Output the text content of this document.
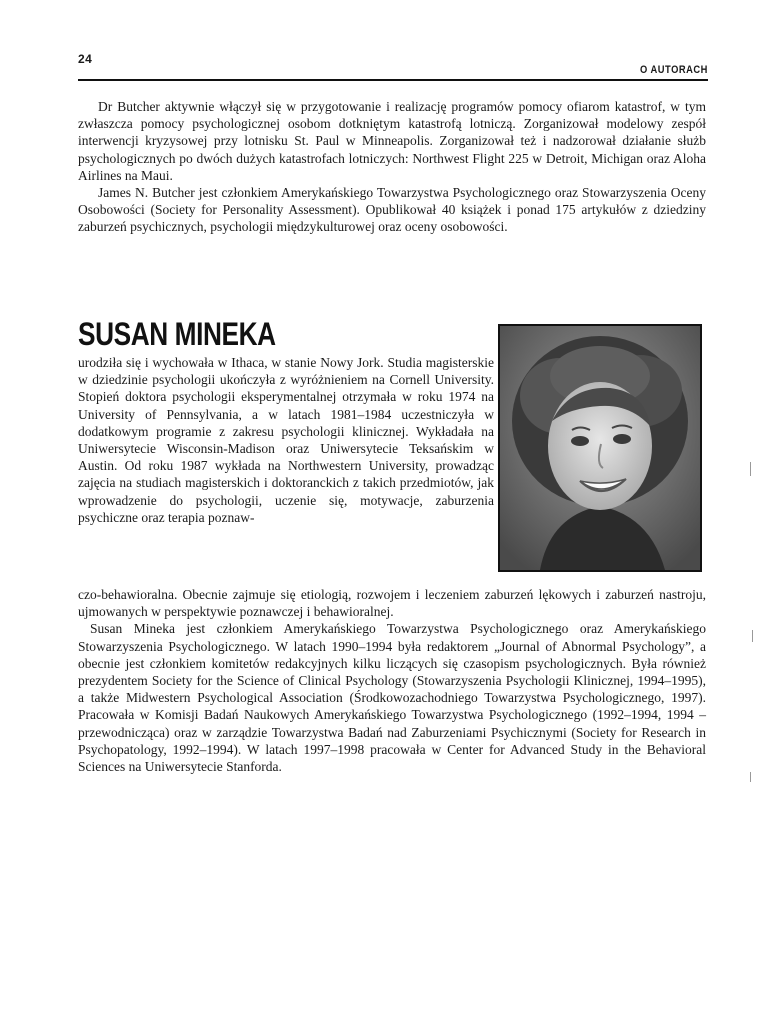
24
O AUTORACH

Dr Butcher aktywnie włączył się w przygotowanie i realizację programów pomocy ofiarom katastrof, w tym zwłaszcza pomocy psychologicznej osobom dotkniętym katastrofą lotniczą. Zorganizował modelowy zespół interwencji kryzysowej przy lotnisku St. Paul w Minneapolis. Zorganizował też i nadzorował działanie służb psychologicznych po dwóch dużych katastrofach lotniczych: Northwest Flight 225 w Detroit, Michigan oraz Aloha Airlines na Maui.

James N. Butcher jest członkiem Amerykańskiego Towarzystwa Psychologicznego oraz Stowarzyszenia Oceny Osobowości (Society for Personality Assessment). Opublikował 40 książek i ponad 175 artykułów z dziedziny zaburzeń psychicznych, psychologii międzykulturowej oraz oceny osobowości.

SUSAN MINEKA

urodziła się i wychowała w Ithaca, w stanie Nowy Jork. Studia magisterskie w dziedzinie psychologii ukończyła z wyróżnieniem na Cornell University. Stopień doktora psychologii eksperymentalnej otrzymała w roku 1974 na University of Pennsylvania, a w latach 1981–1984 uczestniczyła w dodatkowym programie z zakresu psychologii klinicznej. Wykładała na Uniwersytecie Wisconsin-Madison oraz Uniwersytecie Teksańskim w Austin. Od roku 1987 wykłada na Northwestern University, prowadząc zajęcia na studiach magisterskich i doktoranckich z takich przedmiotów, jak wprowadzenie do psychologii, uczenie się, motywacje, zaburzenia psychiczne oraz terapia poznaw-

czo-behawioralna. Obecnie zajmuje się etiologią, rozwojem i leczeniem zaburzeń lękowych i zaburzeń nastroju, ujmowanych w perspektywie poznawczej i behawioralnej.

Susan Mineka jest członkiem Amerykańskiego Towarzystwa Psychologicznego oraz Amerykańskiego Stowarzyszenia Psychologicznego. W latach 1990–1994 była redaktorem „Journal of Abnormal Psychology”, a obecnie jest członkiem komitetów redakcyjnych kilku liczących się czasopism psychologicznych. Była również prezydentem Society for the Science of Clinical Psychology (Stowarzyszenia Psychologii Klinicznej, 1994–1995), a także Midwestern Psychological Association (Środkowozachodniego Towarzystwa Psychologicznego, 1997). Pracowała w Komisji Badań Naukowych Amerykańskiego Towarzystwa Psychologicznego (1992–1994, 1994 – przewodnicząca) oraz w zarządzie Towarzystwa Badań nad Zaburzeniami Psychicznymi (Society for Research in Psychopatology, 1992–1994). W latach 1997–1998 pracowała w Center for Advanced Study in the Behavioral Sciences na Uniwersytecie Stanforda.
